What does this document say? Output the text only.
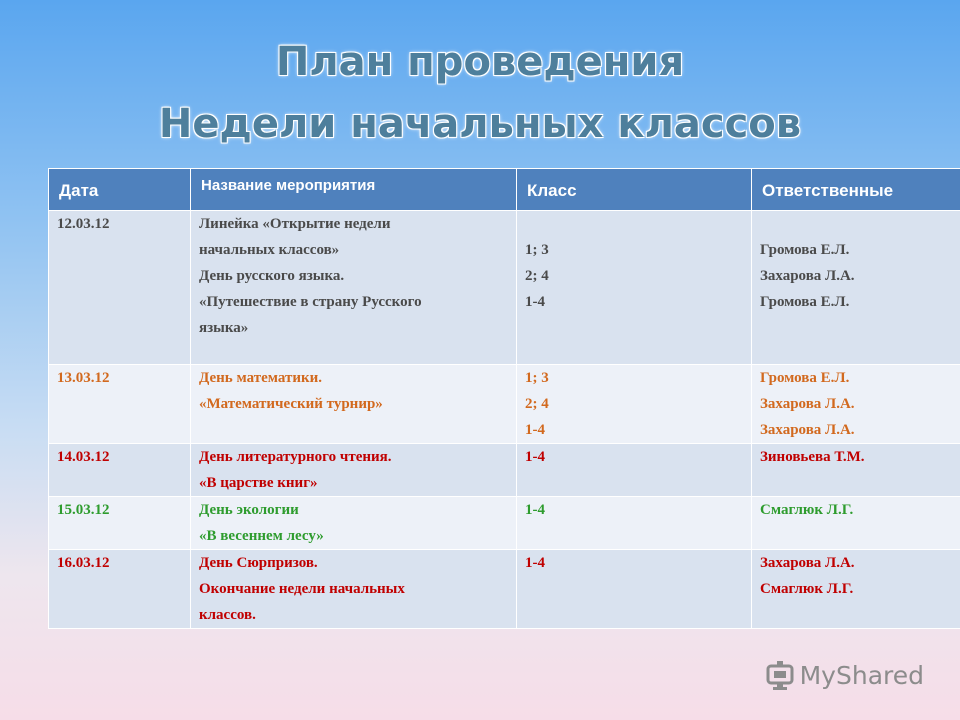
План проведения
Недели начальных классов
Дата	Название мероприятия	Класс	Ответственные
12.03.12	Линейка «Открытие недели
начальных классов»
День русского языка.
«Путешествие в страну Русского
языка»	1; 3
2; 4
1-4	Громова Е.Л.
Захарова Л.А.
Громова Е.Л.

13.03.12	День математики.
«Математический турнир»	1; 3
2; 4
1-4	Громова Е.Л.
Захарова Л.А.
Захарова Л.А.

14.03.12	День литературного чтения.
«В царстве книг»	1-4	Зиновьева Т.М.

15.03.12	День экологии
«В весеннем лесу»	1-4	Смаглюк Л.Г.

16.03.12	День Сюрпризов.
Окончание недели начальных
классов.	1-4	Захарова Л.А.
Смаглюк Л.Г.
MyShared
